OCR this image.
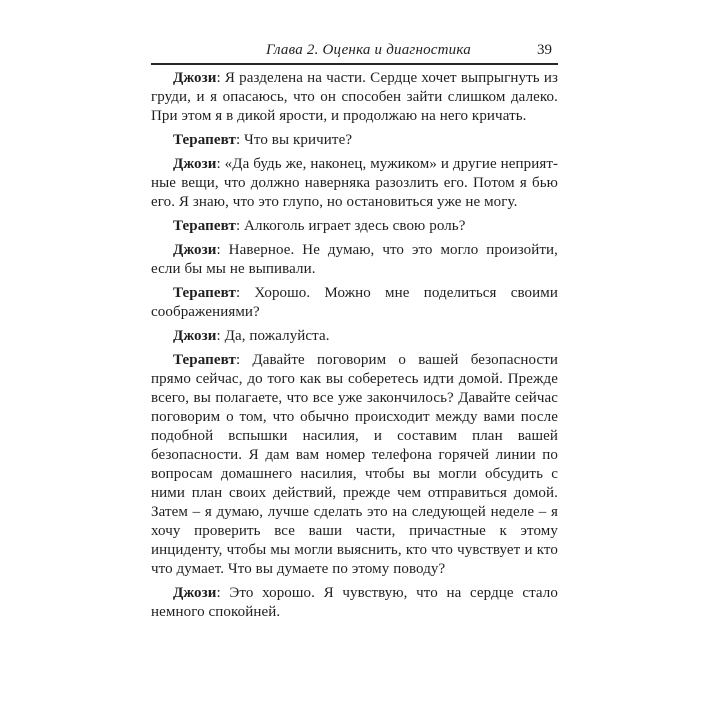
Глава 2. Оценка и диагностика	39

Джози: Я разделена на части. Сердце хочет выпрыгнуть из груди, и я опасаюсь, что он способен зайти слишком далеко. При этом я в дикой ярости, и продолжаю на него кричать.

Терапевт: Что вы кричите?

Джози: «Да будь же, наконец, мужиком» и другие неприятные вещи, что должно наверняка разозлить его. Потом я бью его. Я знаю, что это глупо, но остановиться уже не могу.

Терапевт: Алкоголь играет здесь свою роль?

Джози: Наверное. Не думаю, что это могло произойти, если бы мы не выпивали.

Терапевт: Хорошо. Можно мне поделиться своими соображениями?

Джози: Да, пожалуйста.

Терапевт: Давайте поговорим о вашей безопасности прямо сейчас, до того как вы соберетесь идти домой. Прежде всего, вы полагаете, что все уже закончилось? Давайте сейчас поговорим о том, что обычно происходит между вами после подобной вспышки насилия, и составим план вашей безопасности. Я дам вам номер телефона горячей линии по вопросам домашнего насилия, чтобы вы могли обсудить с ними план своих действий, прежде чем отправиться домой. Затем – я думаю, лучше сделать это на следующей неделе – я хочу проверить все ваши части, причастные к этому инциденту, чтобы мы могли выяснить, кто что чувствует и кто что думает. Что вы думаете по этому поводу?

Джози: Это хорошо. Я чувствую, что на сердце стало немного спокойней.
